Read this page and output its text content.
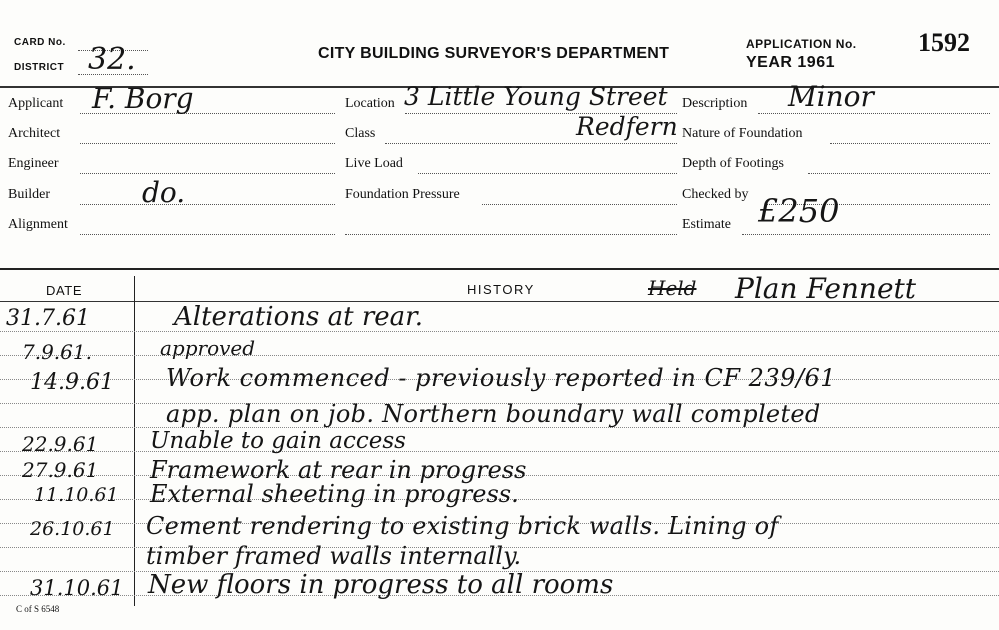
CARD No.
DISTRICT 32.	CITY BUILDING SURVEYOR'S DEPARTMENT
APPLICATION No. 1592
YEAR 1961
Applicant F. Borg
Architect
Engineer
Builder	do.
Alignment
Location 3 Little Young Street
Class	Redfern
Live Load
Foundation Pressure
Description Minor
Nature of Foundation
Depth of Footings
Checked by
Estimate £250
DATE	HISTORY	Held Plan Fennett
31.7.61	Alterations at rear.
7.9.61.	approved
14.9.61 Work commenced - previously reported in CF 239/61
app. plan on job. Northern boundary wall completed
22.9.61 Unable to gain access
27.9.61 Framework at rear in progress
11.10.61 External sheeting in progress.
26.10.61 Cement rendering to existing brick walls. Lining of
timber framed walls internally.
31.10.61 New floors in progress to all rooms
C of S 6548
